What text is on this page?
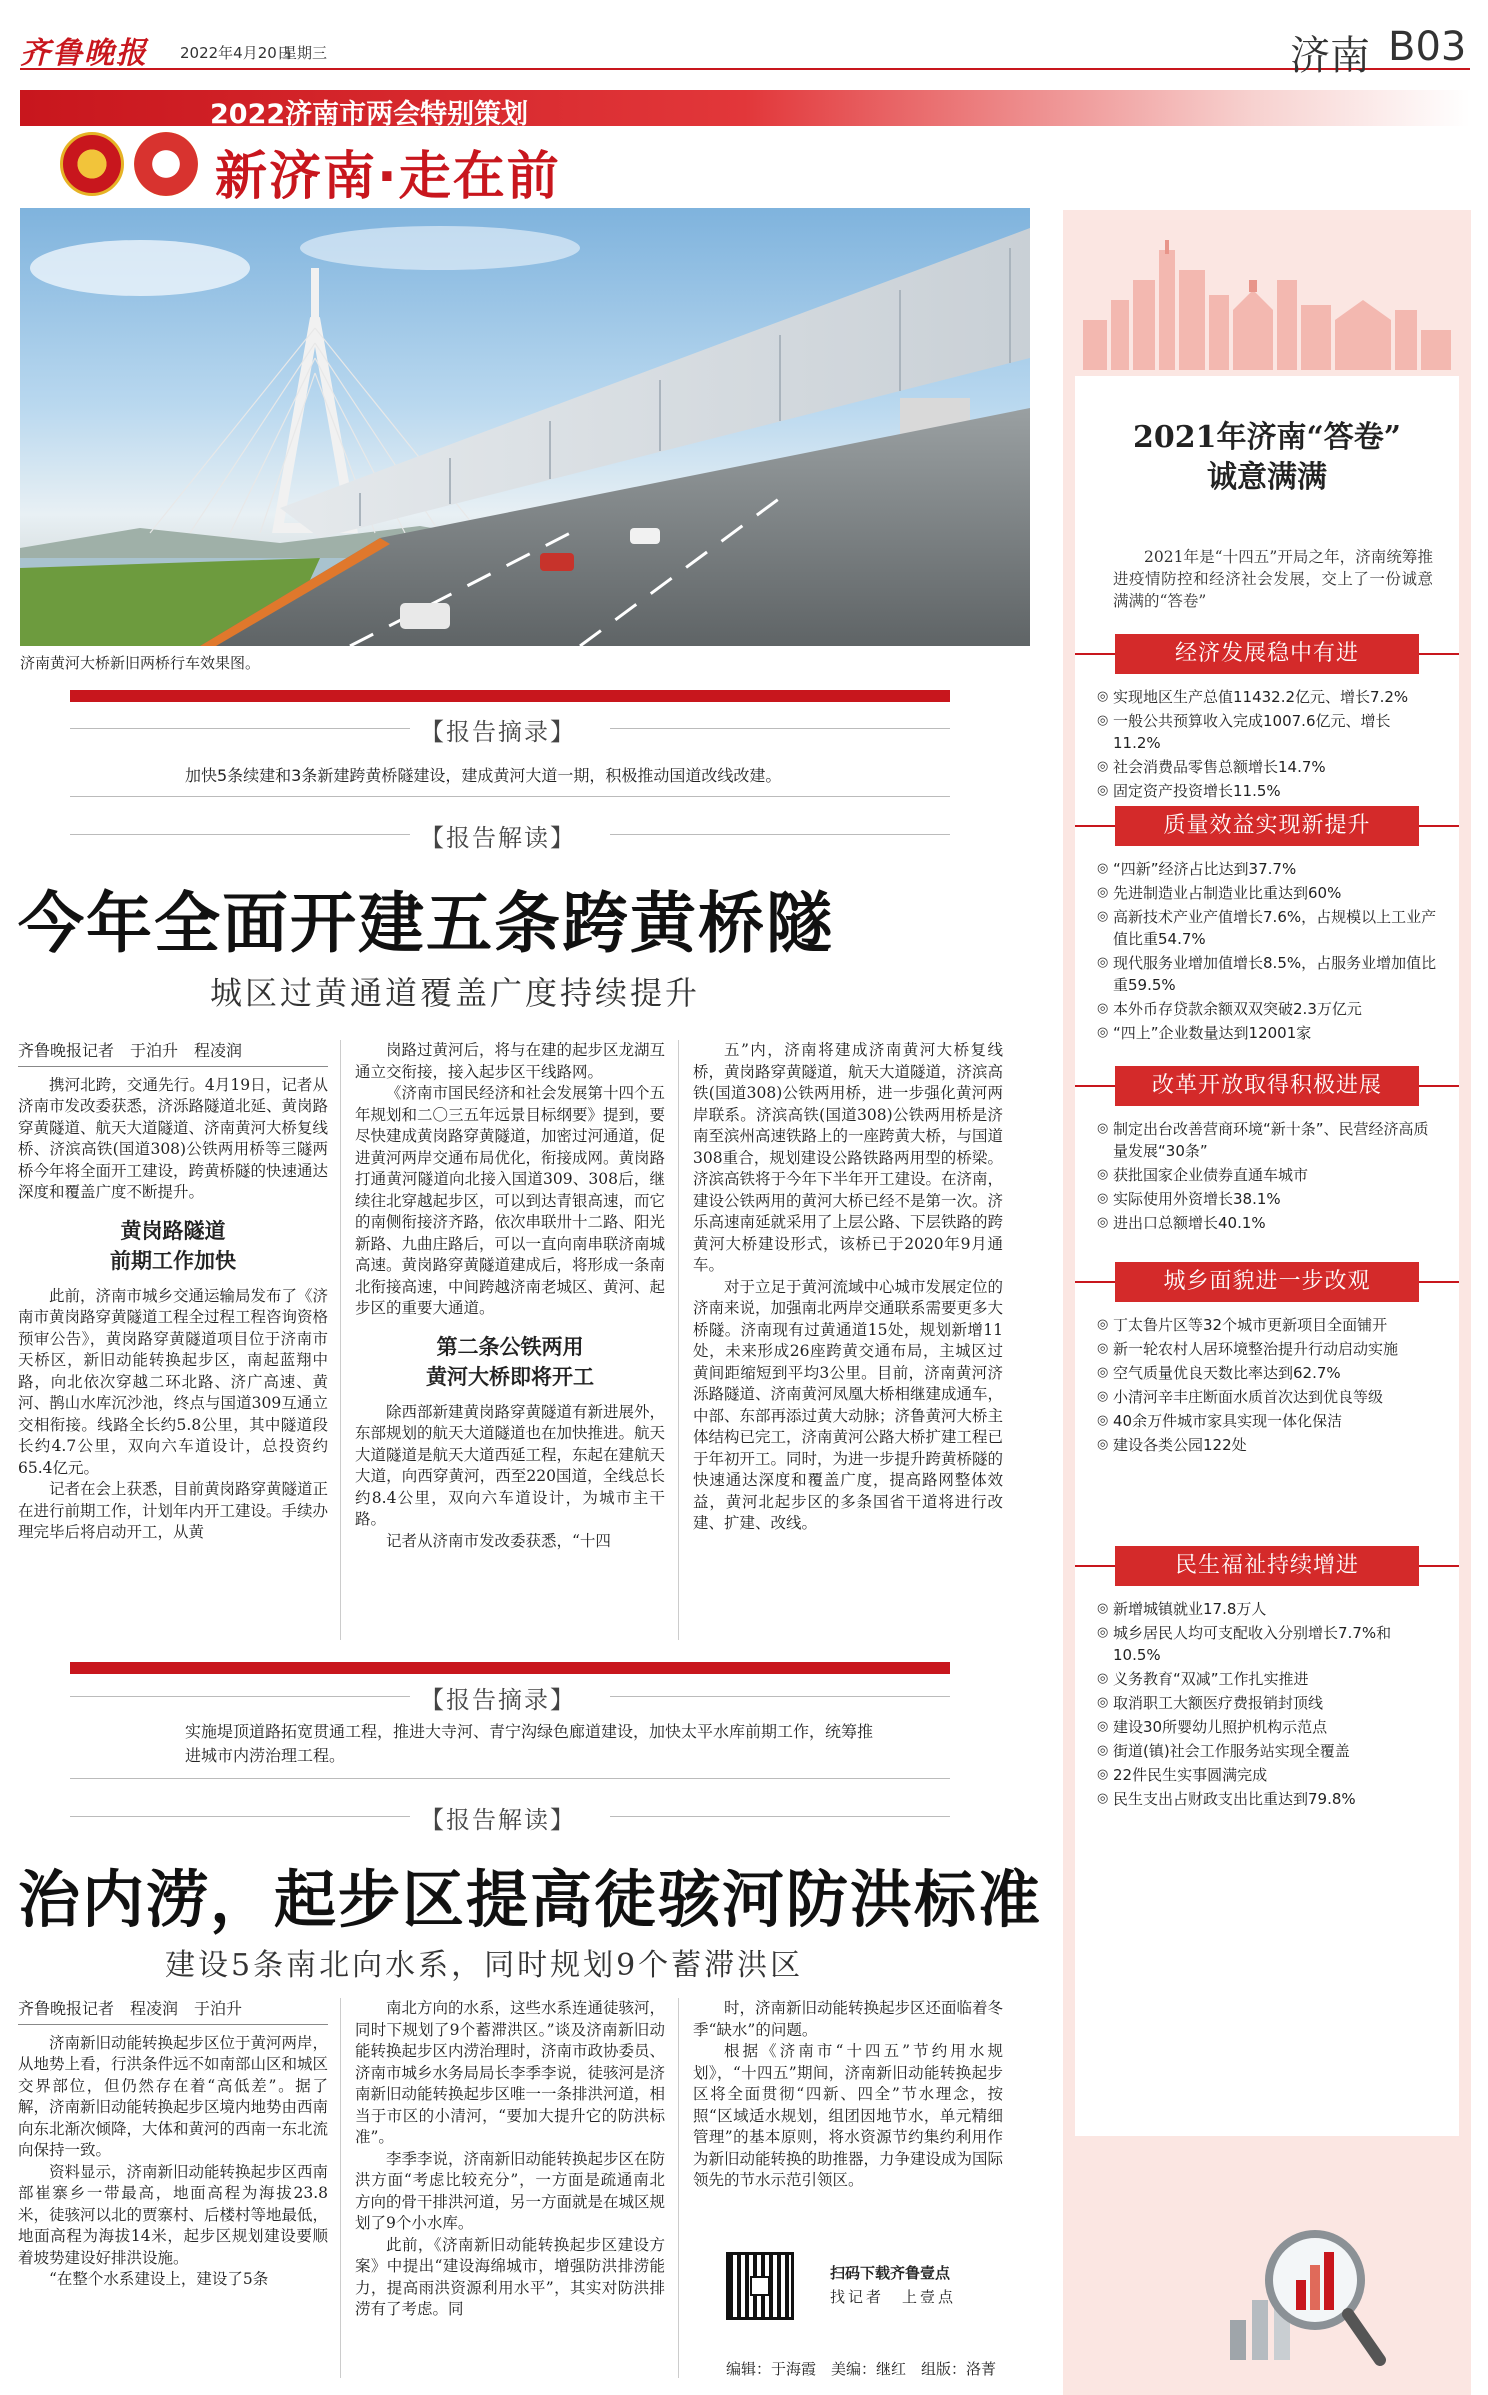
齐鲁晚报 2022年4月20日
星期三	济南 B03
2022济南市两会特别策划
新济南·走在前
济南黄河大桥新旧两桥行车效果图。
【报告摘录】
加快5条续建和3条新建跨黄桥隧建设，建成黄河大道一期，积极推动国道改线改建。
【报告解读】
今年全面开建五条跨黄桥隧
城区过黄通道覆盖广度持续提升
齐鲁晚报记者　于泊升　程凌润

携河北跨，交通先行。4月19日，记者从济南市发改委获悉，济泺路隧道北延、黄岗路穿黄隧道、航天大道隧道、济南黄河大桥复线桥、济滨高铁(国道308)公铁两用桥等三隧两桥今年将全面开工建设，跨黄桥隧的快速通达深度和覆盖广度不断提升。

黄岗路隧道
前期工作加快

此前，济南市城乡交通运输局发布了《济南市黄岗路穿黄隧道工程全过程工程咨询资格预审公告》，黄岗路穿黄隧道项目位于济南市天桥区，新旧动能转换起步区，南起蓝翔中路，向北依次穿越二环北路、济广高速、黄河、鹊山水库沉沙池，终点与国道309互通立交相衔接。线路全长约5.8公里，其中隧道段长约4.7公里，双向六车道设计，总投资约65.4亿元。

记者在会上获悉，目前黄岗路穿黄隧道正在进行前期工作，计划年内开工建设。手续办理完毕后将启动开工，从黄

岗路过黄河后，将与在建的起步区龙湖互通立交衔接，接入起步区干线路网。

《济南市国民经济和社会发展第十四个五年规划和二〇三五年远景目标纲要》提到，要尽快建成黄岗路穿黄隧道，加密过河通道，促进黄河两岸交通布局优化，衔接成网。黄岗路打通黄河隧道向北接入国道309、308后，继续往北穿越起步区，可以到达青银高速，而它的南侧衔接济齐路，依次串联卅十二路、阳光新路、九曲庄路后，可以一直向南串联济南城高速。黄岗路穿黄隧道建成后，将形成一条南北衔接高速，中间跨越济南老城区、黄河、起步区的重要大通道。

第二条公铁两用
黄河大桥即将开工

除西部新建黄岗路穿黄隧道有新进展外，东部规划的航天大道隧道也在加快推进。航天大道隧道是航天大道西延工程，东起在建航天大道，向西穿黄河，西至220国道，全线总长约8.4公里，双向六车道设计，为城市主干路。

记者从济南市发改委获悉，“十四

五”内，济南将建成济南黄河大桥复线桥，黄岗路穿黄隧道，航天大道隧道，济滨高铁(国道308)公铁两用桥，进一步强化黄河两岸联系。济滨高铁(国道308)公铁两用桥是济南至滨州高速铁路上的一座跨黄大桥，与国道308重合，规划建设公路铁路两用型的桥梁。济滨高铁将于今年下半年开工建设。在济南，建设公铁两用的黄河大桥已经不是第一次。济乐高速南延就采用了上层公路、下层铁路的跨黄河大桥建设形式，该桥已于2020年9月通车。

对于立足于黄河流域中心城市发展定位的济南来说，加强南北两岸交通联系需要更多大桥隧。济南现有过黄通道15处，规划新增11处，未来形成26座跨黄交通布局，主城区过黄间距缩短到平均3公里。目前，济南黄河济泺路隧道、济南黄河凤凰大桥相继建成通车，中部、东部再添过黄大动脉；济鲁黄河大桥主体结构已完工，济南黄河公路大桥扩建工程已于年初开工。同时，为进一步提升跨黄桥隧的快速通达深度和覆盖广度，提高路网整体效益，黄河北起步区的多条国省干道将进行改建、扩建、改线。

【报告摘录】
实施堤顶道路拓宽贯通工程，推进大寺河、青宁沟绿色廊道建设，加快太平水库前期工作，统筹推进城市内涝治理工程。
【报告解读】
治内涝，起步区提高徒骇河防洪标准
建设5条南北向水系，同时规划9个蓄滞洪区
齐鲁晚报记者　程凌润　于泊升

济南新旧动能转换起步区位于黄河两岸，从地势上看，行洪条件远不如南部山区和城区交界部位，但仍然存在着“高低差”。据了解，济南新旧动能转换起步区境内地势由西南向东北渐次倾降，大体和黄河的西南一东北流向保持一致。

资料显示，济南新旧动能转换起步区西南部崔寨乡一带最高，地面高程为海拔23.8米，徒骇河以北的贾寨村、后楼村等地最低，地面高程为海拔14米，起步区规划建设要顺着坡势建设好排洪设施。

“在整个水系建设上，建设了5条

南北方向的水系，这些水系连通徒骇河，同时下规划了9个蓄滞洪区。”谈及济南新旧动能转换起步区内涝治理时，济南市政协委员、济南市城乡水务局局长李季李说，徒骇河是济南新旧动能转换起步区唯一一条排洪河道，相当于市区的小清河，“要加大提升它的防洪标准”。

李季李说，济南新旧动能转换起步区在防洪方面“考虑比较充分”，一方面是疏通南北方向的骨干排洪河道，另一方面就是在城区规划了9个小水库。

此前，《济南新旧动能转换起步区建设方案》中提出“建设海绵城市，增强防洪排涝能力，提高雨洪资源利用水平”，其实对防洪排涝有了考虑。同

时，济南新旧动能转换起步区还面临着冬季“缺水”的问题。

根据《济南市“十四五”节约用水规划》，“十四五”期间，济南新旧动能转换起步区将全面贯彻“四新、四全”节水理念，按照“区域适水规划，组团因地节水，单元精细管理”的基本原则，将水资源节约集约利用作为新旧动能转换的助推器，力争建设成为国际领先的节水示范引领区。

扫码下载齐鲁壹点
找记者　上壹点
编辑：于海霞　美编：继红　组版：洛菁
2021年济南“答卷”
诚意满满
2021年是“十四五”开局之年，济南统筹推进疫情防控和经济社会发展，交上了一份诚意满满的“答卷”
经济发展稳中有进
◎ 实现地区生产总值11432.2亿元、增长7.2%
◎ 一般公共预算收入完成1007.6亿元、增长11.2%
◎ 社会消费品零售总额增长14.7%
◎ 固定资产投资增长11.5%
质量效益实现新提升
◎ “四新”经济占比达到37.7%
◎ 先进制造业占制造业比重达到60%
◎ 高新技术产业产值增长7.6%，占规模以上工业产值比重54.7%
◎ 现代服务业增加值增长8.5%，占服务业增加值比重59.5%
◎ 本外币存贷款余额双双突破2.3万亿元
◎ “四上”企业数量达到12001家
改革开放取得积极进展
◎ 制定出台改善营商环境“新十条”、民营经济高质量发展“30条”
◎ 获批国家企业债券直通车城市
◎ 实际使用外资增长38.1%
◎ 进出口总额增长40.1%
城乡面貌进一步改观
◎ 丁太鲁片区等32个城市更新项目全面铺开
◎ 新一轮农村人居环境整治提升行动启动实施
◎ 空气质量优良天数比率达到62.7%
◎ 小清河辛丰庄断面水质首次达到优良等级
◎ 40余万件城市家具实现一体化保洁
◎ 建设各类公园122处
民生福祉持续增进
◎ 新增城镇就业17.8万人
◎ 城乡居民人均可支配收入分别增长7.7%和10.5%
◎ 义务教育“双减”工作扎实推进
◎ 取消职工大额医疗费报销封顶线
◎ 建设30所婴幼儿照护机构示范点
◎ 街道(镇)社会工作服务站实现全覆盖
◎ 22件民生实事圆满完成
◎ 民生支出占财政支出比重达到79.8%
